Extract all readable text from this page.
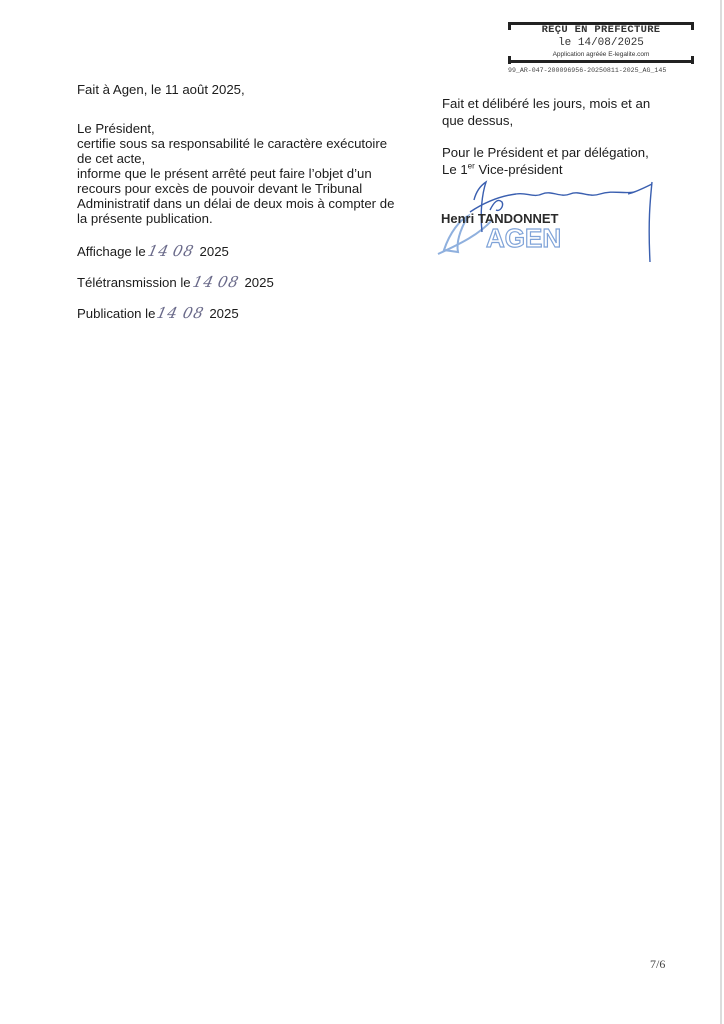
REÇU EN PREFECTURE
le 14/08/2025
Application agréée E-legalite.com
99_AR-047-200096956-20250811-2025_AG_145
Fait à Agen, le 11 août 2025,
Le Président,
certifie sous sa responsabilité le caractère exécutoire
de cet acte,
informe que le présent arrêté peut faire l’objet d’un
recours pour excès de pouvoir devant le Tribunal
Administratif dans un délai de deux mois à compter de
la présente publication.
Affichage le1408 2025
Télétransmission le1408 2025
Publication le1408 2025
Fait et délibéré les jours, mois et an
que dessus,
Pour le Président et par délégation,
Le 1er Vice-président
AGEN
Henri TANDONNET
7/6
